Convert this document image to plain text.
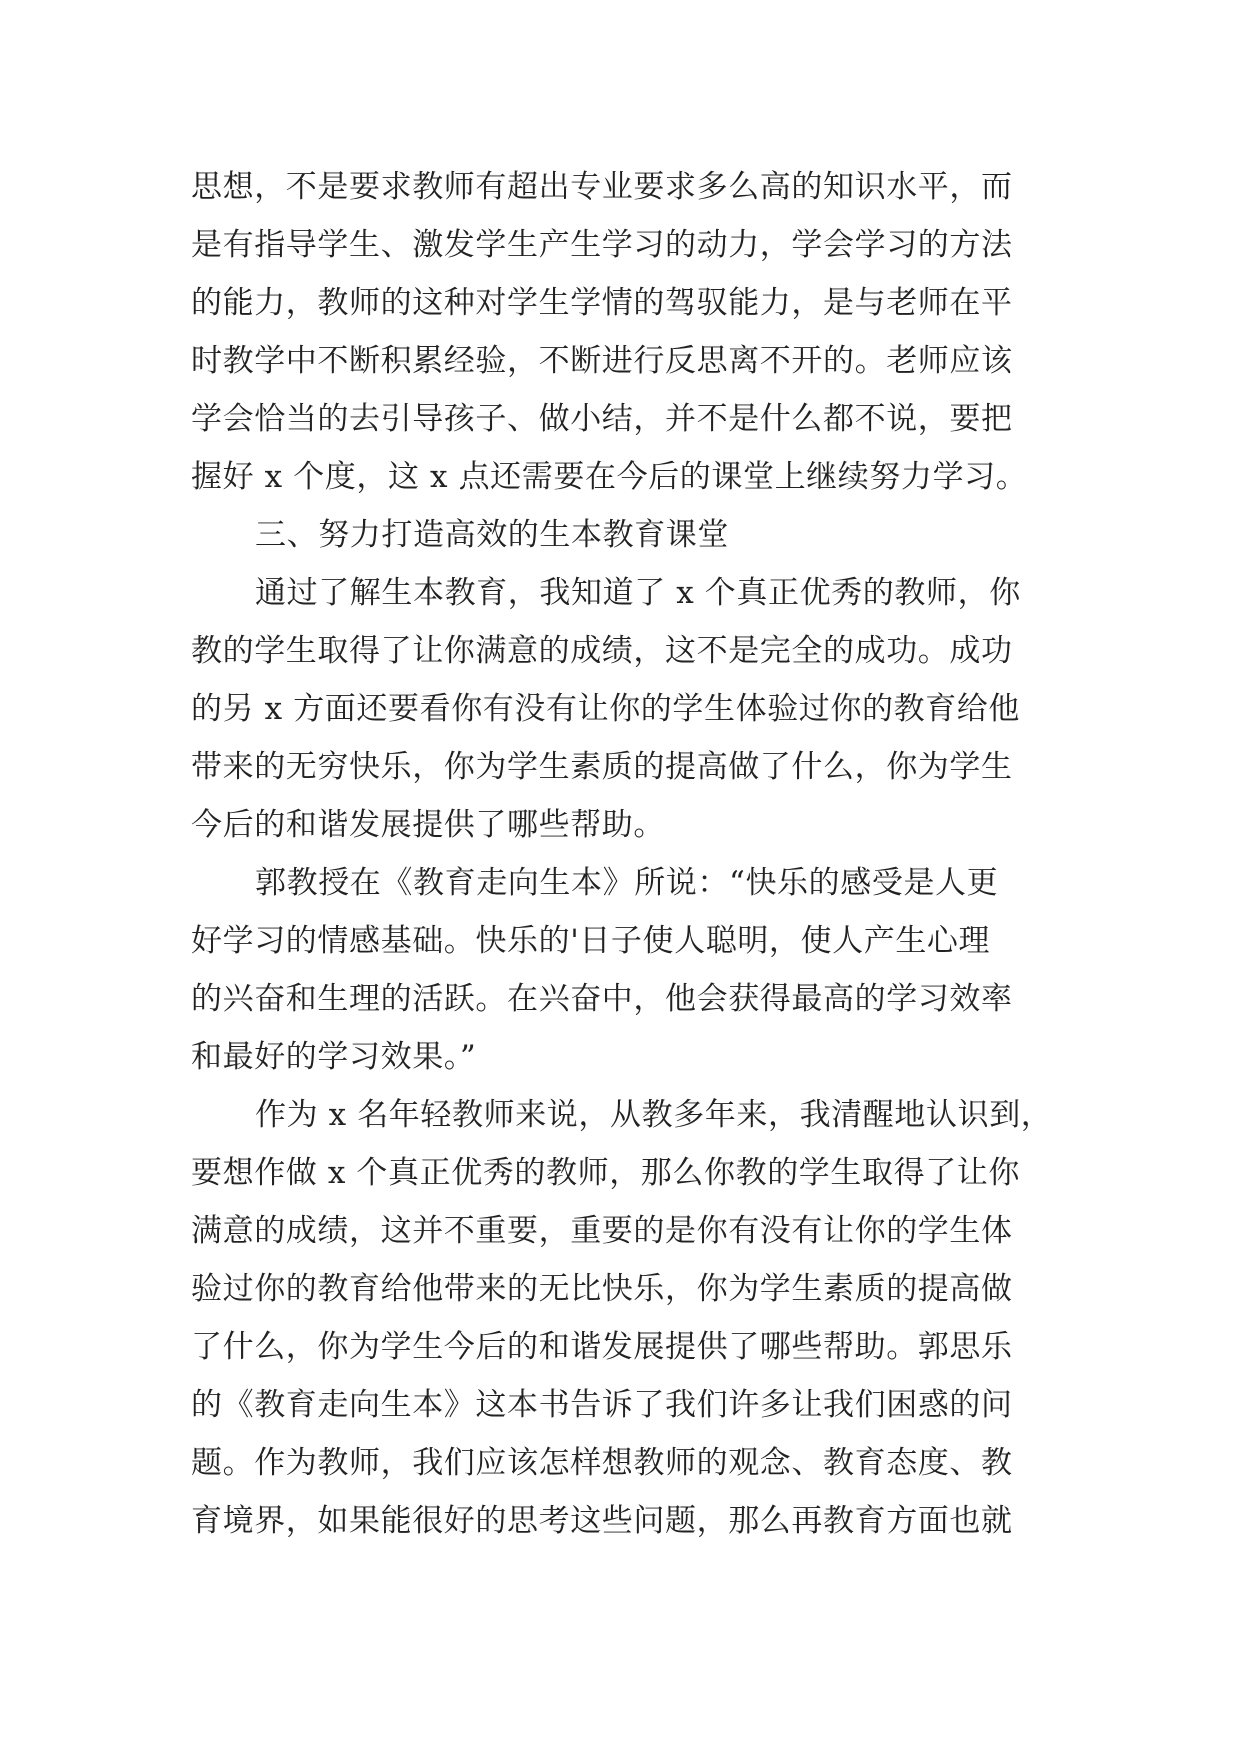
思想，不是要求教师有超出专业要求多么高的知识水平，而
是有指导学生、激发学生产生学习的动力，学会学习的方法
的能力，教师的这种对学生学情的驾驭能力，是与老师在平
时教学中不断积累经验，不断进行反思离不开的。老师应该
学会恰当的去引导孩子、做小结，并不是什么都不说，要把
握好 x 个度，这 x 点还需要在今后的课堂上继续努力学习。
三、努力打造高效的生本教育课堂
通过了解生本教育，我知道了 x 个真正优秀的教师，你
教的学生取得了让你满意的成绩，这不是完全的成功。成功
的另 x 方面还要看你有没有让你的学生体验过你的教育给他
带来的无穷快乐，你为学生素质的提高做了什么，你为学生
今后的和谐发展提供了哪些帮助。
郭教授在《教育走向生本》所说：“快乐的感受是人更
好学习的情感基础。快乐的'日子使人聪明，使人产生心理
的兴奋和生理的活跃。在兴奋中，他会获得最高的学习效率
和最好的学习效果。”
作为 x 名年轻教师来说，从教多年来，我清醒地认识到，
要想作做 x 个真正优秀的教师，那么你教的学生取得了让你
满意的成绩，这并不重要，重要的是你有没有让你的学生体
验过你的教育给他带来的无比快乐，你为学生素质的提高做
了什么，你为学生今后的和谐发展提供了哪些帮助。郭思乐
的《教育走向生本》这本书告诉了我们许多让我们困惑的问
题。作为教师，我们应该怎样想教师的观念、教育态度、教
育境界，如果能很好的思考这些问题，那么再教育方面也就
